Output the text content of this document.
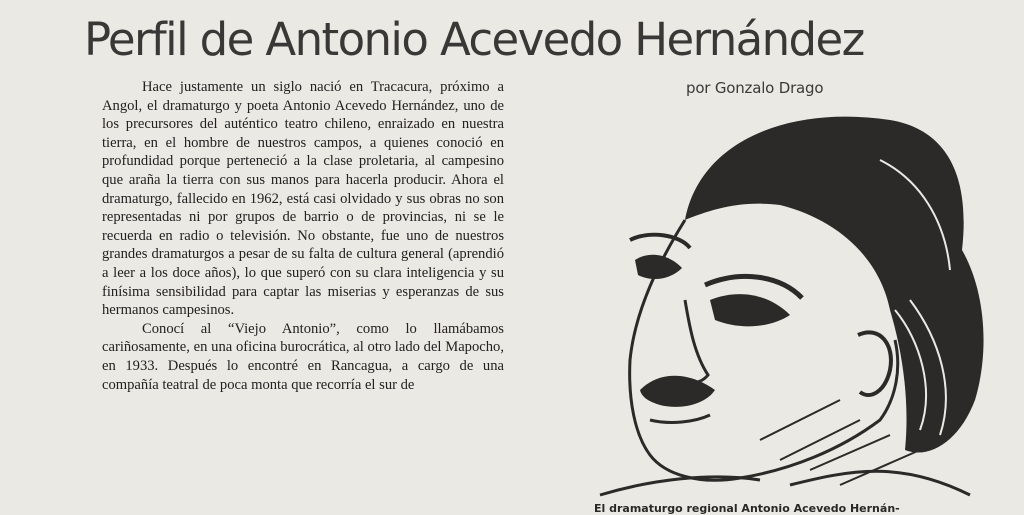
Perfil de Antonio Acevedo Hernández
por Gonzalo Drago

Hace justamente un siglo nació en Tracacura, próximo a Angol, el dramaturgo y poeta Antonio Acevedo Hernández, uno de los precursores del auténtico teatro chileno, enraizado en nuestra tierra, en el hombre de nuestros campos, a quienes conoció en profundidad porque perteneció a la clase proletaria, al campesino que araña la tierra con sus manos para hacerla producir. Ahora el dramaturgo, fallecido en 1962, está casi olvidado y sus obras no son representadas ni por grupos de barrio o de provincias, ni se le recuerda en radio o televisión. No obstante, fue uno de nuestros grandes dramaturgos a pesar de su falta de cultura general (aprendió a leer a los doce años), lo que superó con su clara inteligencia y su finísima sensibilidad para captar las miserias y esperanzas de sus hermanos campesinos.

Conocí al “Viejo Antonio”, como lo llamábamos cariñosamente, en una oficina burocrática, al otro lado del Mapocho, en 1933. Después lo encontré en Rancagua, a cargo de una compañía teatral de poca monta que recorría el sur de

El dramaturgo regional Antonio Acevedo Hernán-
